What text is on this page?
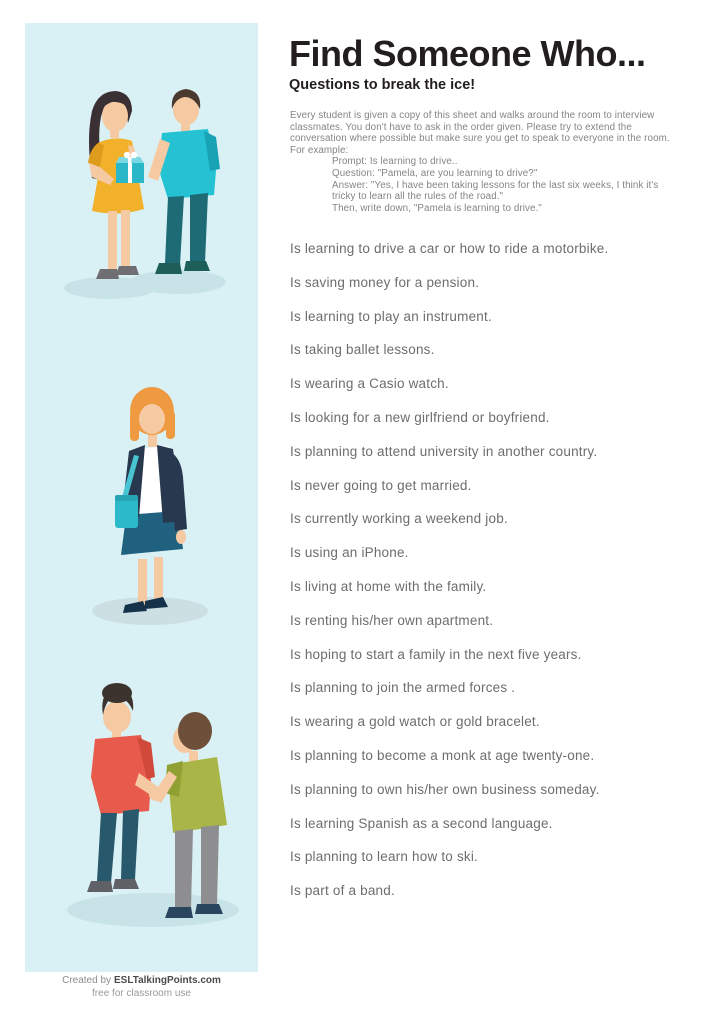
Created by ESLTalkingPoints.com
free for classroom use
Find Someone Who...
Questions to break the ice!
Every student is given a copy of this sheet and walks around the room to interview classmates. You don't have to ask in the order given. Please try to extend the conversation where possible but make sure you get to speak to everyone in the room. For example:
Prompt: Is learning to drive..
Question: "Pamela, are you learning to drive?"
Answer: "Yes, I have been taking lessons for the last six weeks, I think it's
tricky to learn all the rules of the road."
Then, write down, "Pamela is learning to drive."

Is learning to drive a car or how to ride a motorbike.

Is saving money for a pension.

Is learning to play an instrument.

Is taking ballet lessons.

Is wearing a Casio watch.

Is looking for a new girlfriend or boyfriend.

Is planning to attend university in another country.

Is never going to get married.

Is currently working a weekend job.

Is using an iPhone.

Is living at home with the family.

Is renting his/her own apartment.

Is hoping to start a family in the next five years.

Is planning to join the armed forces .

Is wearing a gold watch or gold bracelet.

Is planning to become a monk at age twenty-one.

Is planning to own his/her own business someday.

Is learning Spanish as a second language.

Is planning to learn how to ski.

Is part of a band.
